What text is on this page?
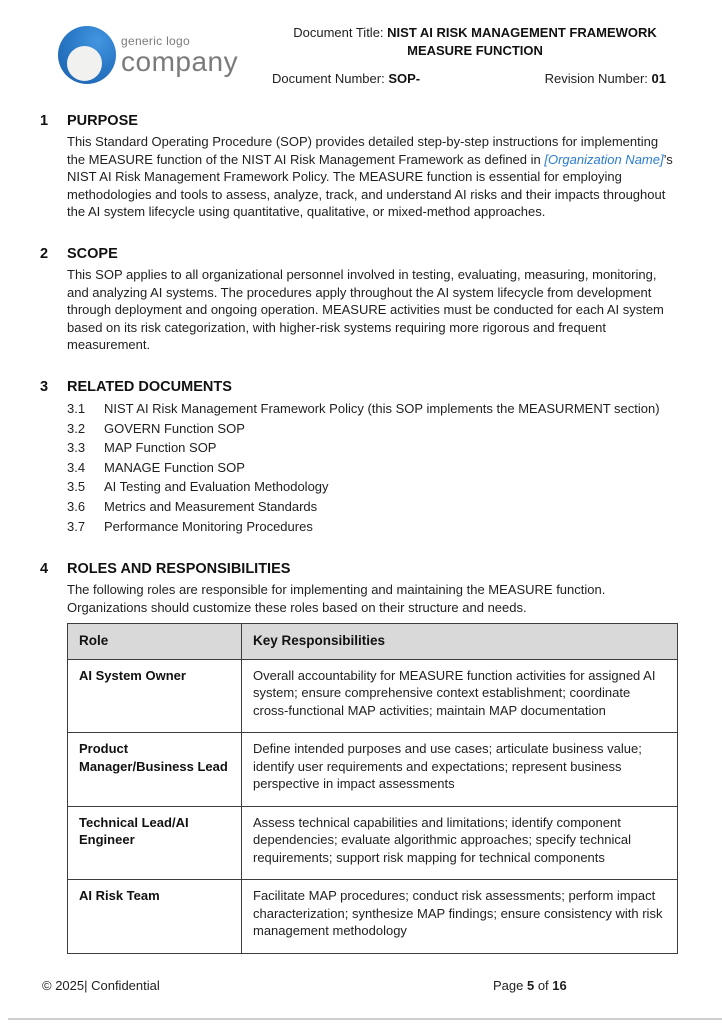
generic logo
company
Document Title: NIST AI RISK MANAGEMENT FRAMEWORK
MEASURE FUNCTION
Document Number: SOP-	Revision Number: 01
1	PURPOSE
This Standard Operating Procedure (SOP) provides detailed step-by-step instructions for implementing the MEASURE function of the NIST AI Risk Management Framework as defined in [Organization Name]’s NIST AI Risk Management Framework Policy. The MEASURE function is essential for employing methodologies and tools to assess, analyze, track, and understand AI risks and their impacts throughout the AI system lifecycle using quantitative, qualitative, or mixed-method approaches.
2	SCOPE
This SOP applies to all organizational personnel involved in testing, evaluating, measuring, monitoring, and analyzing AI systems. The procedures apply throughout the AI system lifecycle from development through deployment and ongoing operation. MEASURE activities must be conducted for each AI system based on its risk categorization, with higher-risk systems requiring more rigorous and frequent measurement.
3	RELATED DOCUMENTS
3.1	NIST AI Risk Management Framework Policy (this SOP implements the MEASURMENT section)
3.2	GOVERN Function SOP
3.3	MAP Function SOP
3.4	MANAGE Function SOP
3.5	AI Testing and Evaluation Methodology
3.6	Metrics and Measurement Standards
3.7	Performance Monitoring Procedures
4	ROLES AND RESPONSIBILITIES
The following roles are responsible for implementing and maintaining the MEASURE function. Organizations should customize these roles based on their structure and needs.
Role	Key Responsibilities
AI System Owner	Overall accountability for MEASURE function activities for assigned AI system; ensure comprehensive context establishment; coordinate cross-functional MAP activities; maintain MAP documentation
Product Manager/Business Lead	Define intended purposes and use cases; articulate business value; identify user requirements and expectations; represent business perspective in impact assessments
Technical Lead/AI Engineer	Assess technical capabilities and limitations; identify component dependencies; evaluate algorithmic approaches; specify technical requirements; support risk mapping for technical components
AI Risk Team	Facilitate MAP procedures; conduct risk assessments; perform impact characterization; synthesize MAP findings; ensure consistency with risk management methodology
© 2025| Confidential	Page 5 of 16
